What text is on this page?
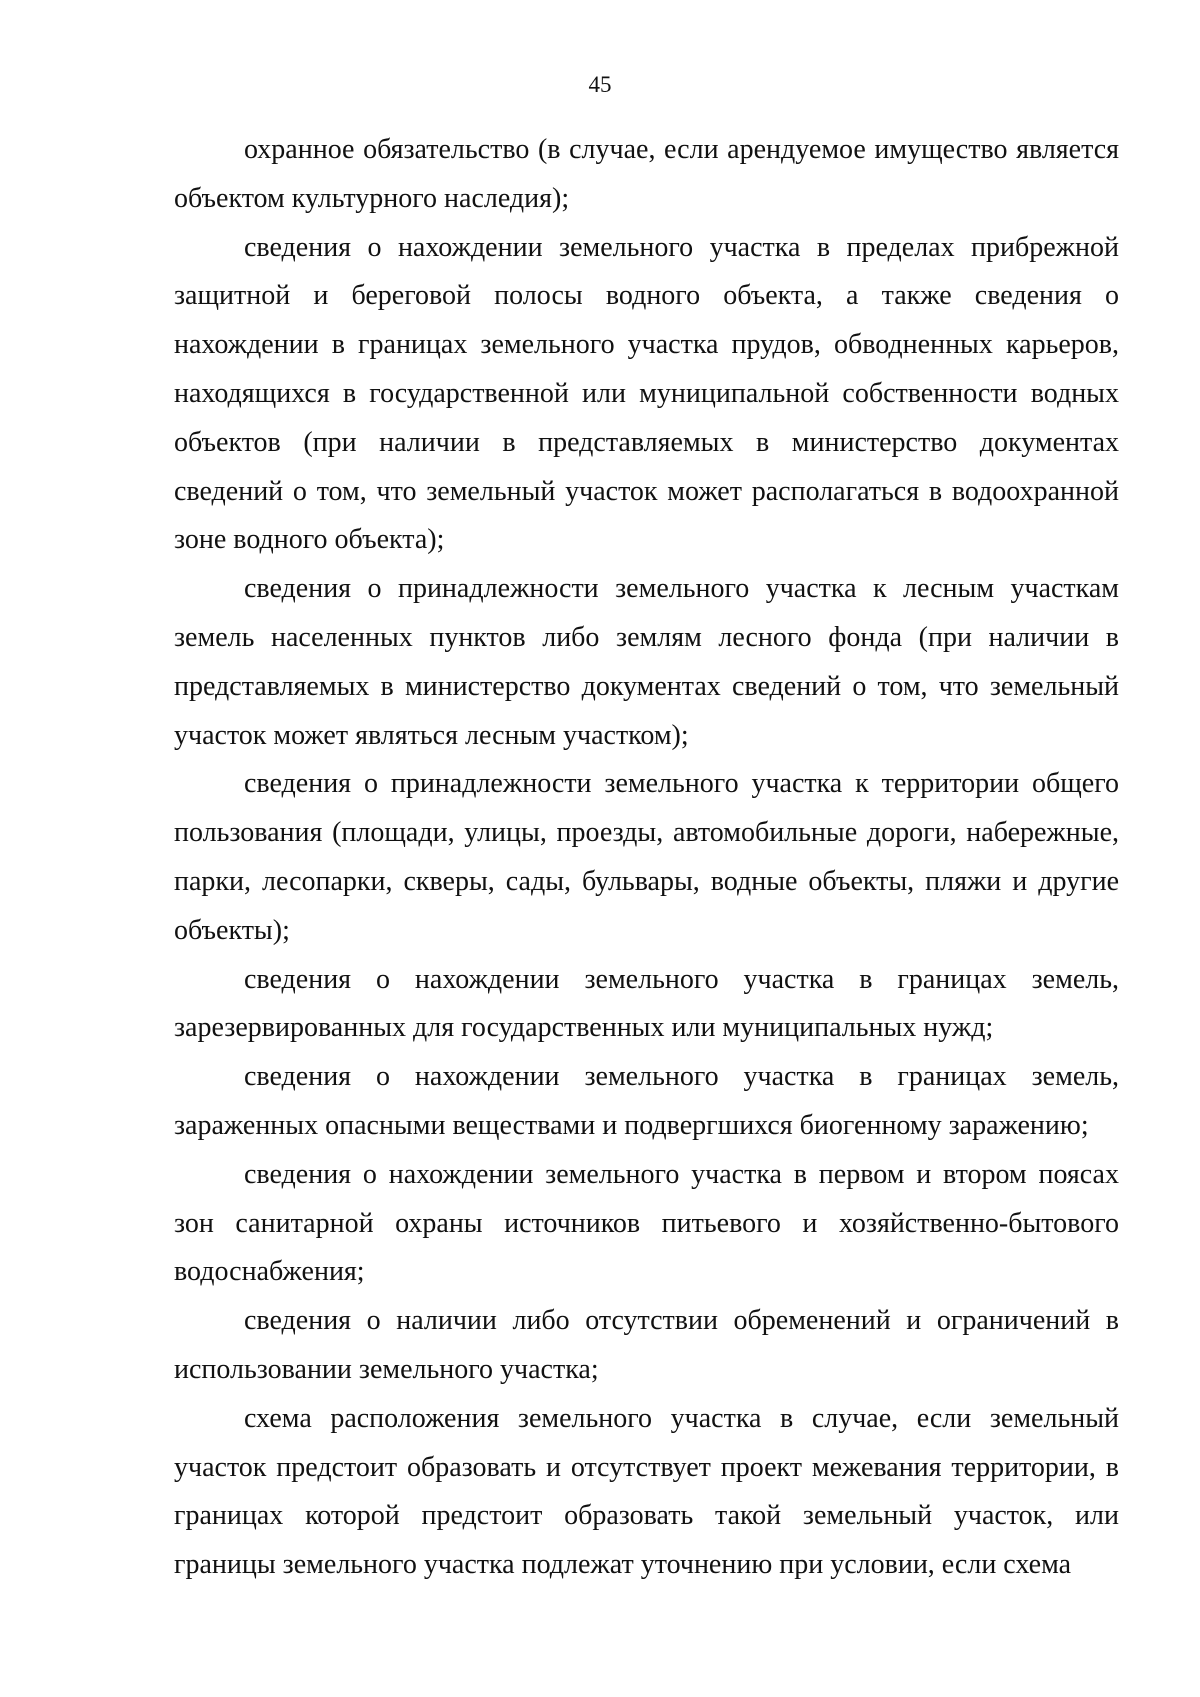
45

охранное обязательство (в случае, если арендуемое имущество является объектом культурного наследия);

сведения о нахождении земельного участка в пределах прибрежной защитной и береговой полосы водного объекта, а также сведения о нахождении в границах земельного участка прудов, обводненных карьеров, находящихся в государственной или муниципальной собственности водных объектов (при наличии в представляемых в министерство документах сведений о том, что земельный участок может располагаться в водоохранной зоне водного объекта);

сведения о принадлежности земельного участка к лесным участкам земель населенных пунктов либо землям лесного фонда (при наличии в представляемых в министерство документах сведений о том, что земельный участок может являться лесным участком);

сведения о принадлежности земельного участка к территории общего пользования (площади, улицы, проезды, автомобильные дороги, набережные, парки, лесопарки, скверы, сады, бульвары, водные объекты, пляжи и другие объекты);

сведения о нахождении земельного участка в границах земель, зарезервированных для государственных или муниципальных нужд;

сведения о нахождении земельного участка в границах земель, зараженных опасными веществами и подвергшихся биогенному заражению;

сведения о нахождении земельного участка в первом и втором поясах зон санитарной охраны источников питьевого и хозяйственно-бытового водоснабжения;

сведения о наличии либо отсутствии обременений и ограничений в использовании земельного участка;

схема расположения земельного участка в случае, если земельный участок предстоит образовать и отсутствует проект межевания территории, в границах которой предстоит образовать такой земельный участок, или границы земельного участка подлежат уточнению при условии, если схема
